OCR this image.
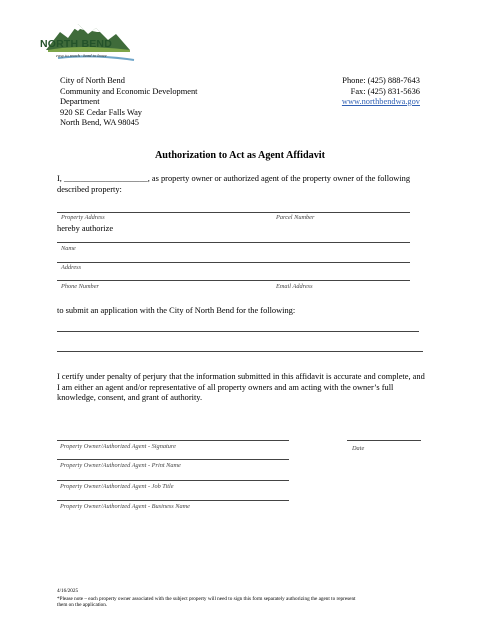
NORTH BEND
easy to reach · hard to leave
City of North Bend
Community and Economic Development
Department
920 SE Cedar Falls Way
North Bend, WA 98045
Phone: (425) 888-7643
Fax: (425) 831-5636
www.northbendwa.gov
Authorization to Act as Agent Affidavit
I, ____________________, as property owner or authorized agent of the property owner of the following described property:
Property Address	Parcel Number
hereby authorize
Name
Address
Phone Number	Email Address
to submit an application with the City of North Bend for the following:
I certify under penalty of perjury that the information submitted in this affidavit is accurate and complete, and I am either an agent and/or representative of all property owners and am acting with the owner’s full knowledge, consent, and grant of authority.
Property Owner/Authorized Agent - Signature	Date
Property Owner/Authorized Agent - Print Name
Property Owner/Authorized Agent - Job Title
Property Owner/Authorized Agent - Business Name
4/16/2025
*Please note – each property owner associated with the subject property will need to sign this form separately authorizing the agent to represent them on the application.
